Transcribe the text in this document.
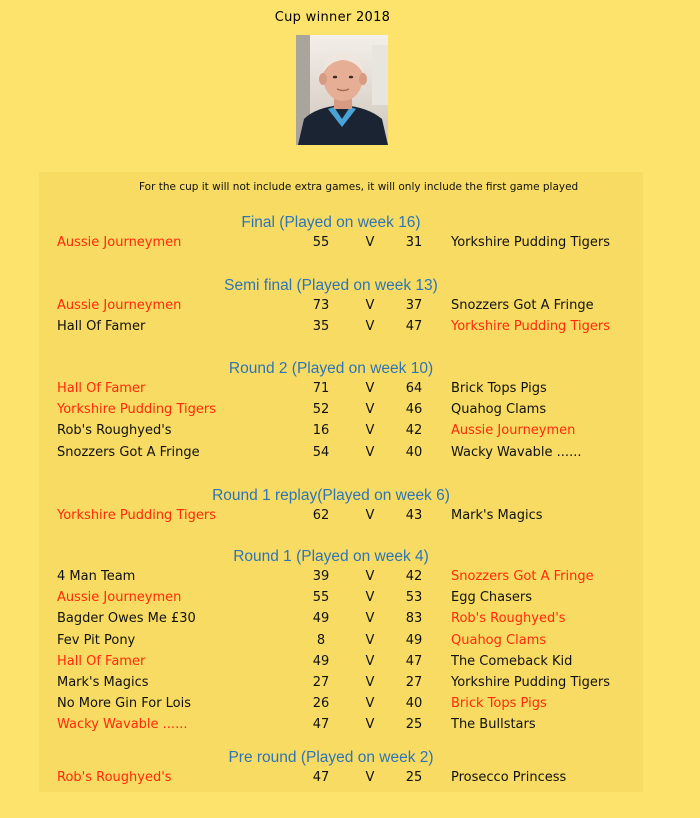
Cup winner 2018
For the cup it will not include extra games, it will only include the first game played
Final (Played on week 16)
Aussie Journeymen	55	V	31	Yorkshire Pudding Tigers
Semi final (Played on week 13)
Aussie Journeymen	73	V	37	Snozzers Got A Fringe
Hall Of Famer	35	V	47	Yorkshire Pudding Tigers
Round 2 (Played on week 10)
Hall Of Famer	71	V	64	Brick Tops Pigs
Yorkshire Pudding Tigers	52	V	46	Quahog Clams
Rob's Roughyed's	16	V	42	Aussie Journeymen
Snozzers Got A Fringe	54	V	40	Wacky Wavable ......
Round 1 replay(Played on week 6)
Yorkshire Pudding Tigers	62	V	43	Mark's Magics
Round 1 (Played on week 4)
4 Man Team	39	V	42	Snozzers Got A Fringe
Aussie Journeymen	55	V	53	Egg Chasers
Bagder Owes Me £30	49	V	83	Rob's Roughyed's
Fev Pit Pony	8	V	49	Quahog Clams
Hall Of Famer	49	V	47	The Comeback Kid
Mark's Magics	27	V	27	Yorkshire Pudding Tigers
No More Gin For Lois	26	V	40	Brick Tops Pigs
Wacky Wavable ......	47	V	25	The Bullstars
Pre round (Played on week 2)
Rob's Roughyed's	47	V	25	Prosecco Princess
